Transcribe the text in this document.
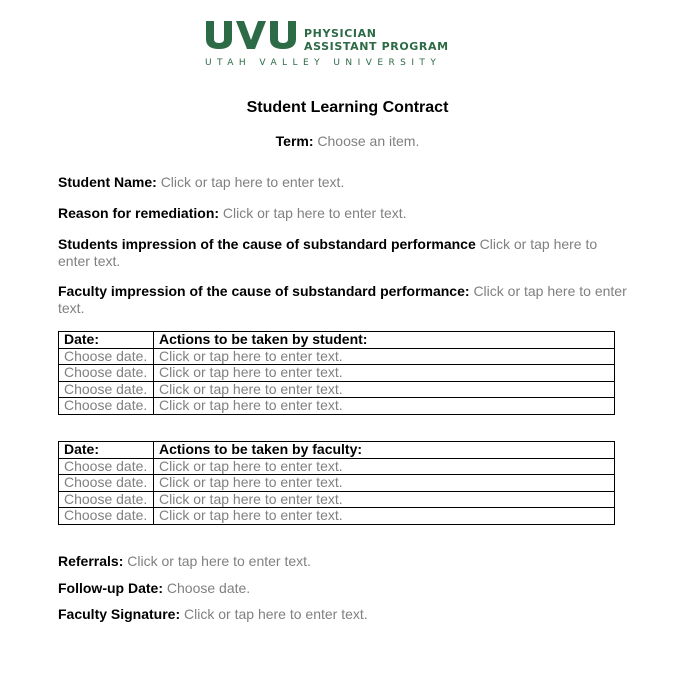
PHYSICIAN
ASSISTANT PROGRAM
UTAH VALLEY UNIVERSITY
Student Learning Contract
Term: Choose an item.
Student Name: Click or tap here to enter text.
Reason for remediation: Click or tap here to enter text.
Students impression of the cause of substandard performance Click or tap here to enter text.
Faculty impression of the cause of substandard performance: Click or tap here to enter text.
Date:	Actions to be taken by student:
Choose date.	Click or tap here to enter text.
Choose date.	Click or tap here to enter text.
Choose date.	Click or tap here to enter text.
Choose date.	Click or tap here to enter text.
Date:	Actions to be taken by faculty:
Choose date.	Click or tap here to enter text.
Choose date.	Click or tap here to enter text.
Choose date.	Click or tap here to enter text.
Choose date.	Click or tap here to enter text.
Referrals: Click or tap here to enter text.
Follow-up Date: Choose date.
Faculty Signature: Click or tap here to enter text.
